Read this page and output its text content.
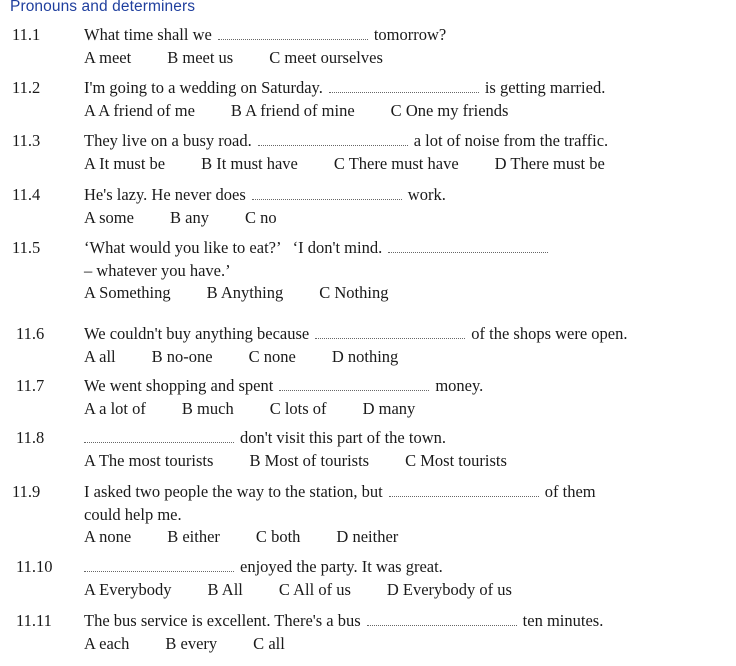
Pronouns and determiners
11.1	What time shall we	tomorrow?
A meet B meet us C meet ourselves
11.2	I'm going to a wedding on Saturday.	is getting married.
A A friend of me B A friend of mine C One my friends
11.3	They live on a busy road.	a lot of noise from the traffic.
A It must be B It must have C There must have D There must be
11.4	He's lazy. He never does	work.
A some B any C no
11.5	‘What would you like to eat?’   ‘I don't mind.
– whatever you have.’
A Something B Anything C Nothing
11.6 We couldn't buy anything because	of the shops were open.
A all B no-one C none D nothing
11.7 We went shopping and spent	money.
A a lot of B much C lots of D many
11.8	don't visit this part of the town.
A The most tourists B Most of tourists C Most tourists
11.9	I asked two people the way to the station, but	of them
could help me.
A none B either C both D neither
11.10	enjoyed the party. It was great.
A Everybody B All C All of us D Everybody of us
11.11 The bus service is excellent. There's a bus	ten minutes.
A each B every C all
